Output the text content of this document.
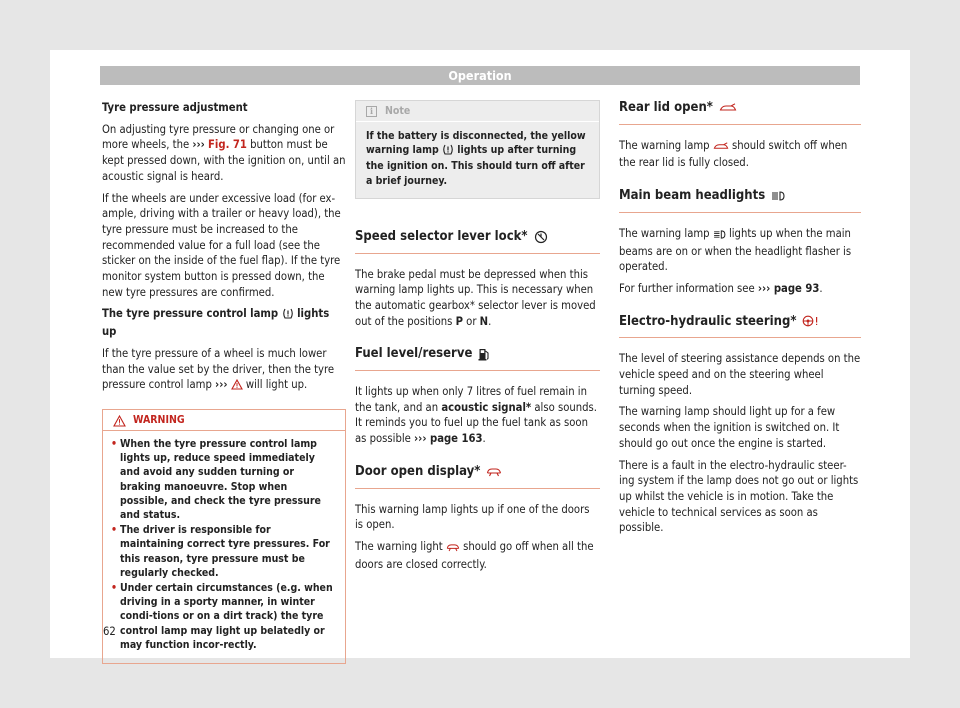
Operation

Tyre pressure adjustment

On adjusting tyre pressure or changing one or more wheels, the ››› Fig. 71 button must be kept pressed down, with the ignition on, until an acoustic signal is heard.

If the wheels are under excessive load (for ex-ample, driving with a trailer or heavy load), the tyre pressure must be increased to the recommended value for a full load (see the sticker on the inside of the fuel flap). If the tyre monitor system button is pressed down, the new tyre pressures are confirmed.

The tyre pressure control lamp  lights up

If the tyre pressure of a wheel is much lower than the value set by the driver, then the tyre pressure control lamp ›››  will light up.

WARNING
• When the tyre pressure control lamp lights up, reduce speed immediately and avoid any sudden turning or braking manoeuvre. Stop when possible, and check the tyre pressure and status.
• The driver is responsible for maintaining correct tyre pressures. For this reason, tyre pressure must be regularly checked.
• Under certain circumstances (e.g. when driving in a sporty manner, in winter condi-tions or on a dirt track) the tyre control lamp may light up belatedly or may function incor-rectly.
i	Note
If the battery is disconnected, the yellow warning lamp  lights up after turning the ignition on. This should turn off after a brief journey.
Speed selector lever lock*

The brake pedal must be depressed when this warning lamp lights up. This is necessary when the automatic gearbox* selector lever is moved out of the positions P or N.

Fuel level/reserve

It lights up when only 7 litres of fuel remain in the tank, and an acoustic signal* also sounds. It reminds you to fuel up the fuel tank as soon as possible ››› page 163.

Door open display*

This warning lamp lights up if one of the doors is open.

The warning light  should go off when all the doors are closed correctly.

Rear lid open*

The warning lamp  should switch off when the rear lid is fully closed.

Main beam headlights

The warning lamp  lights up when the main beams are on or when the headlight flasher is operated.

For further information see ››› page 93.

Electro-hydraulic steering*

The level of steering assistance depends on the vehicle speed and on the steering wheel turning speed.

The warning lamp should light up for a few seconds when the ignition is switched on. It should go out once the engine is started.

There is a fault in the electro-hydraulic steer-ing system if the lamp does not go out or lights up whilst the vehicle is in motion. Take the vehicle to technical services as soon as possible.

62
